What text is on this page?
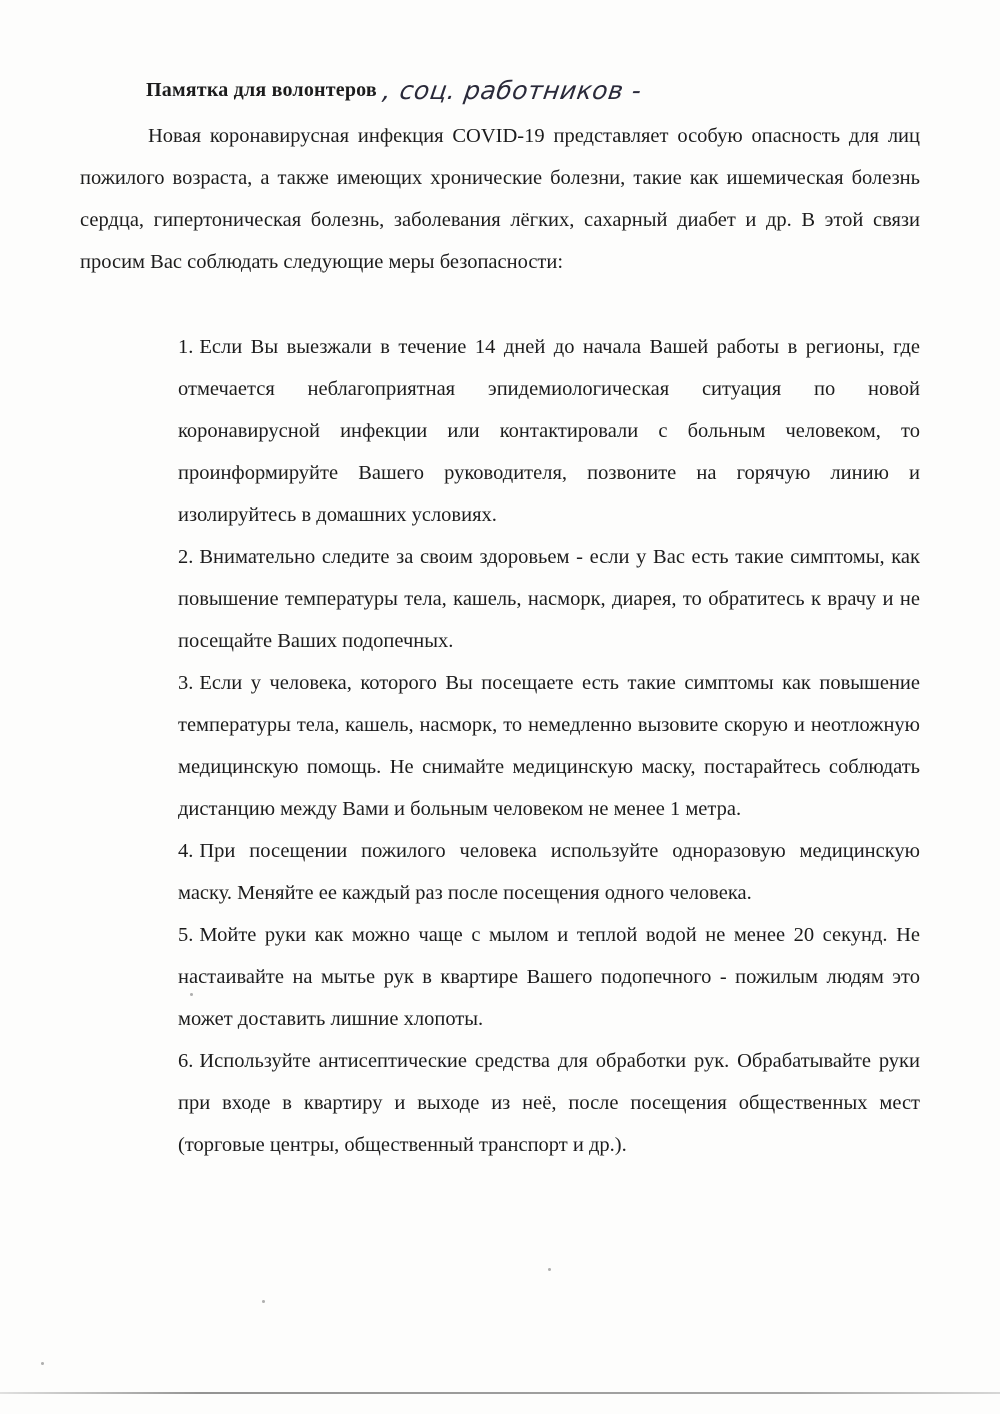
Памятка для волонтеров , соц. работников -

Новая коронавирусная инфекция COVID-19 представляет особую опасность для лиц пожилого возраста, а также имеющих хронические болезни, такие как ишемическая болезнь сердца, гипертоническая болезнь, заболевания лёгких, сахарный диабет и др. В этой связи просим Вас соблюдать следующие меры безопасности:

1. Если Вы выезжали в течение 14 дней до начала Вашей работы в регионы, где отмечается неблагоприятная эпидемиологическая ситуация по новой коронавирусной инфекции или контактировали с больным человеком, то проинформируйте Вашего руководителя, позвоните на горячую линию и изолируйтесь в домашних условиях.
2. Внимательно следите за своим здоровьем - если у Вас есть такие симптомы, как повышение температуры тела, кашель, насморк, диарея, то обратитесь к врачу и не посещайте Ваших подопечных.
3. Если у человека, которого Вы посещаете есть такие симптомы как повышение температуры тела, кашель, насморк, то немедленно вызовите скорую и неотложную медицинскую помощь. Не снимайте медицинскую маску, постарайтесь соблюдать дистанцию между Вами и больным человеком не менее 1 метра.
4. При посещении пожилого человека используйте одноразовую медицинскую маску. Меняйте ее каждый раз после посещения одного человека.
5. Мойте руки как можно чаще с мылом и теплой водой не менее 20 секунд. Не настаивайте на мытье рук в квартире Вашего подопечного - пожилым людям это может доставить лишние хлопоты.
6. Используйте антисептические средства для обработки рук. Обрабатывайте руки при входе в квартиру и выходе из неё, после посещения общественных мест (торговые центры, общественный транспорт и др.).
